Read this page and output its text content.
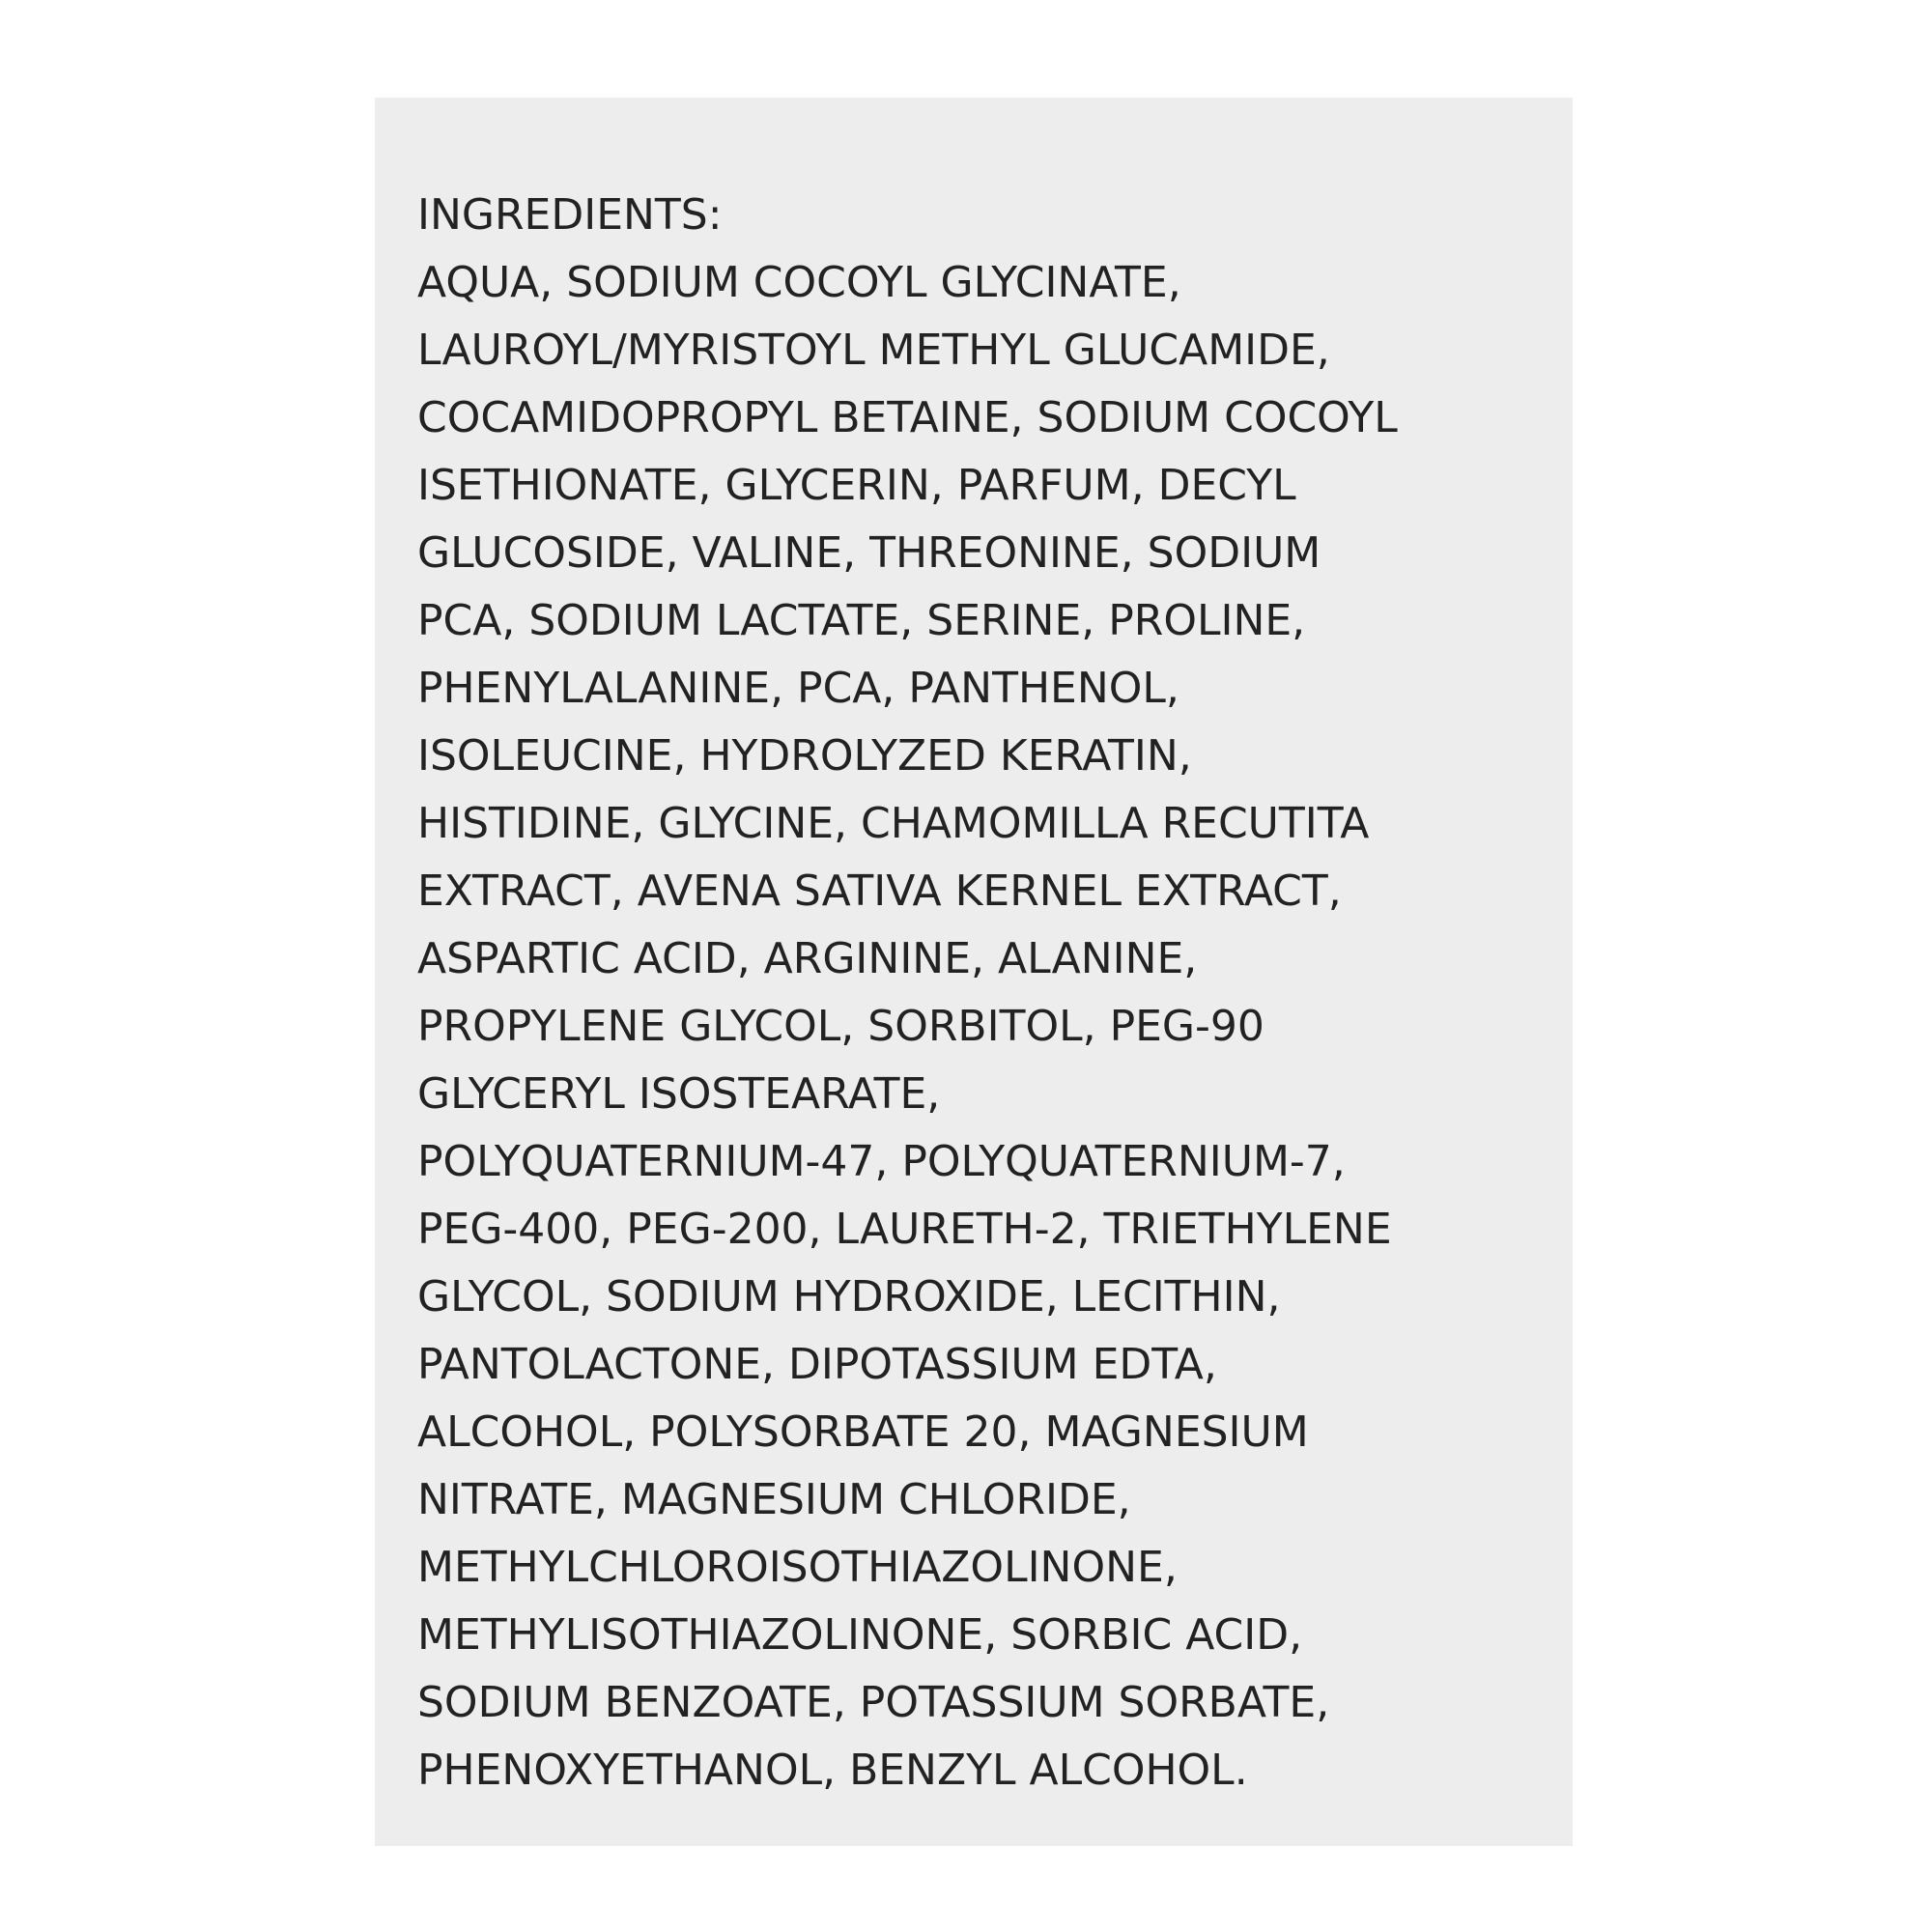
INGREDIENTS:
AQUA, SODIUM COCOYL GLYCINATE,
LAUROYL/MYRISTOYL METHYL GLUCAMIDE,
COCAMIDOPROPYL BETAINE, SODIUM COCOYL
ISETHIONATE, GLYCERIN, PARFUM, DECYL
GLUCOSIDE, VALINE, THREONINE, SODIUM
PCA, SODIUM LACTATE, SERINE, PROLINE,
PHENYLALANINE, PCA, PANTHENOL,
ISOLEUCINE, HYDROLYZED KERATIN,
HISTIDINE, GLYCINE, CHAMOMILLA RECUTITA
EXTRACT, AVENA SATIVA KERNEL EXTRACT,
ASPARTIC ACID, ARGININE, ALANINE,
PROPYLENE GLYCOL, SORBITOL, PEG-90
GLYCERYL ISOSTEARATE,
POLYQUATERNIUM-47, POLYQUATERNIUM-7,
PEG-400, PEG-200, LAURETH-2, TRIETHYLENE
GLYCOL, SODIUM HYDROXIDE, LECITHIN,
PANTOLACTONE, DIPOTASSIUM EDTA,
ALCOHOL, POLYSORBATE 20, MAGNESIUM
NITRATE, MAGNESIUM CHLORIDE,
METHYLCHLOROISOTHIAZOLINONE,
METHYLISOTHIAZOLINONE, SORBIC ACID,
SODIUM BENZOATE, POTASSIUM SORBATE,
PHENOXYETHANOL, BENZYL ALCOHOL.
